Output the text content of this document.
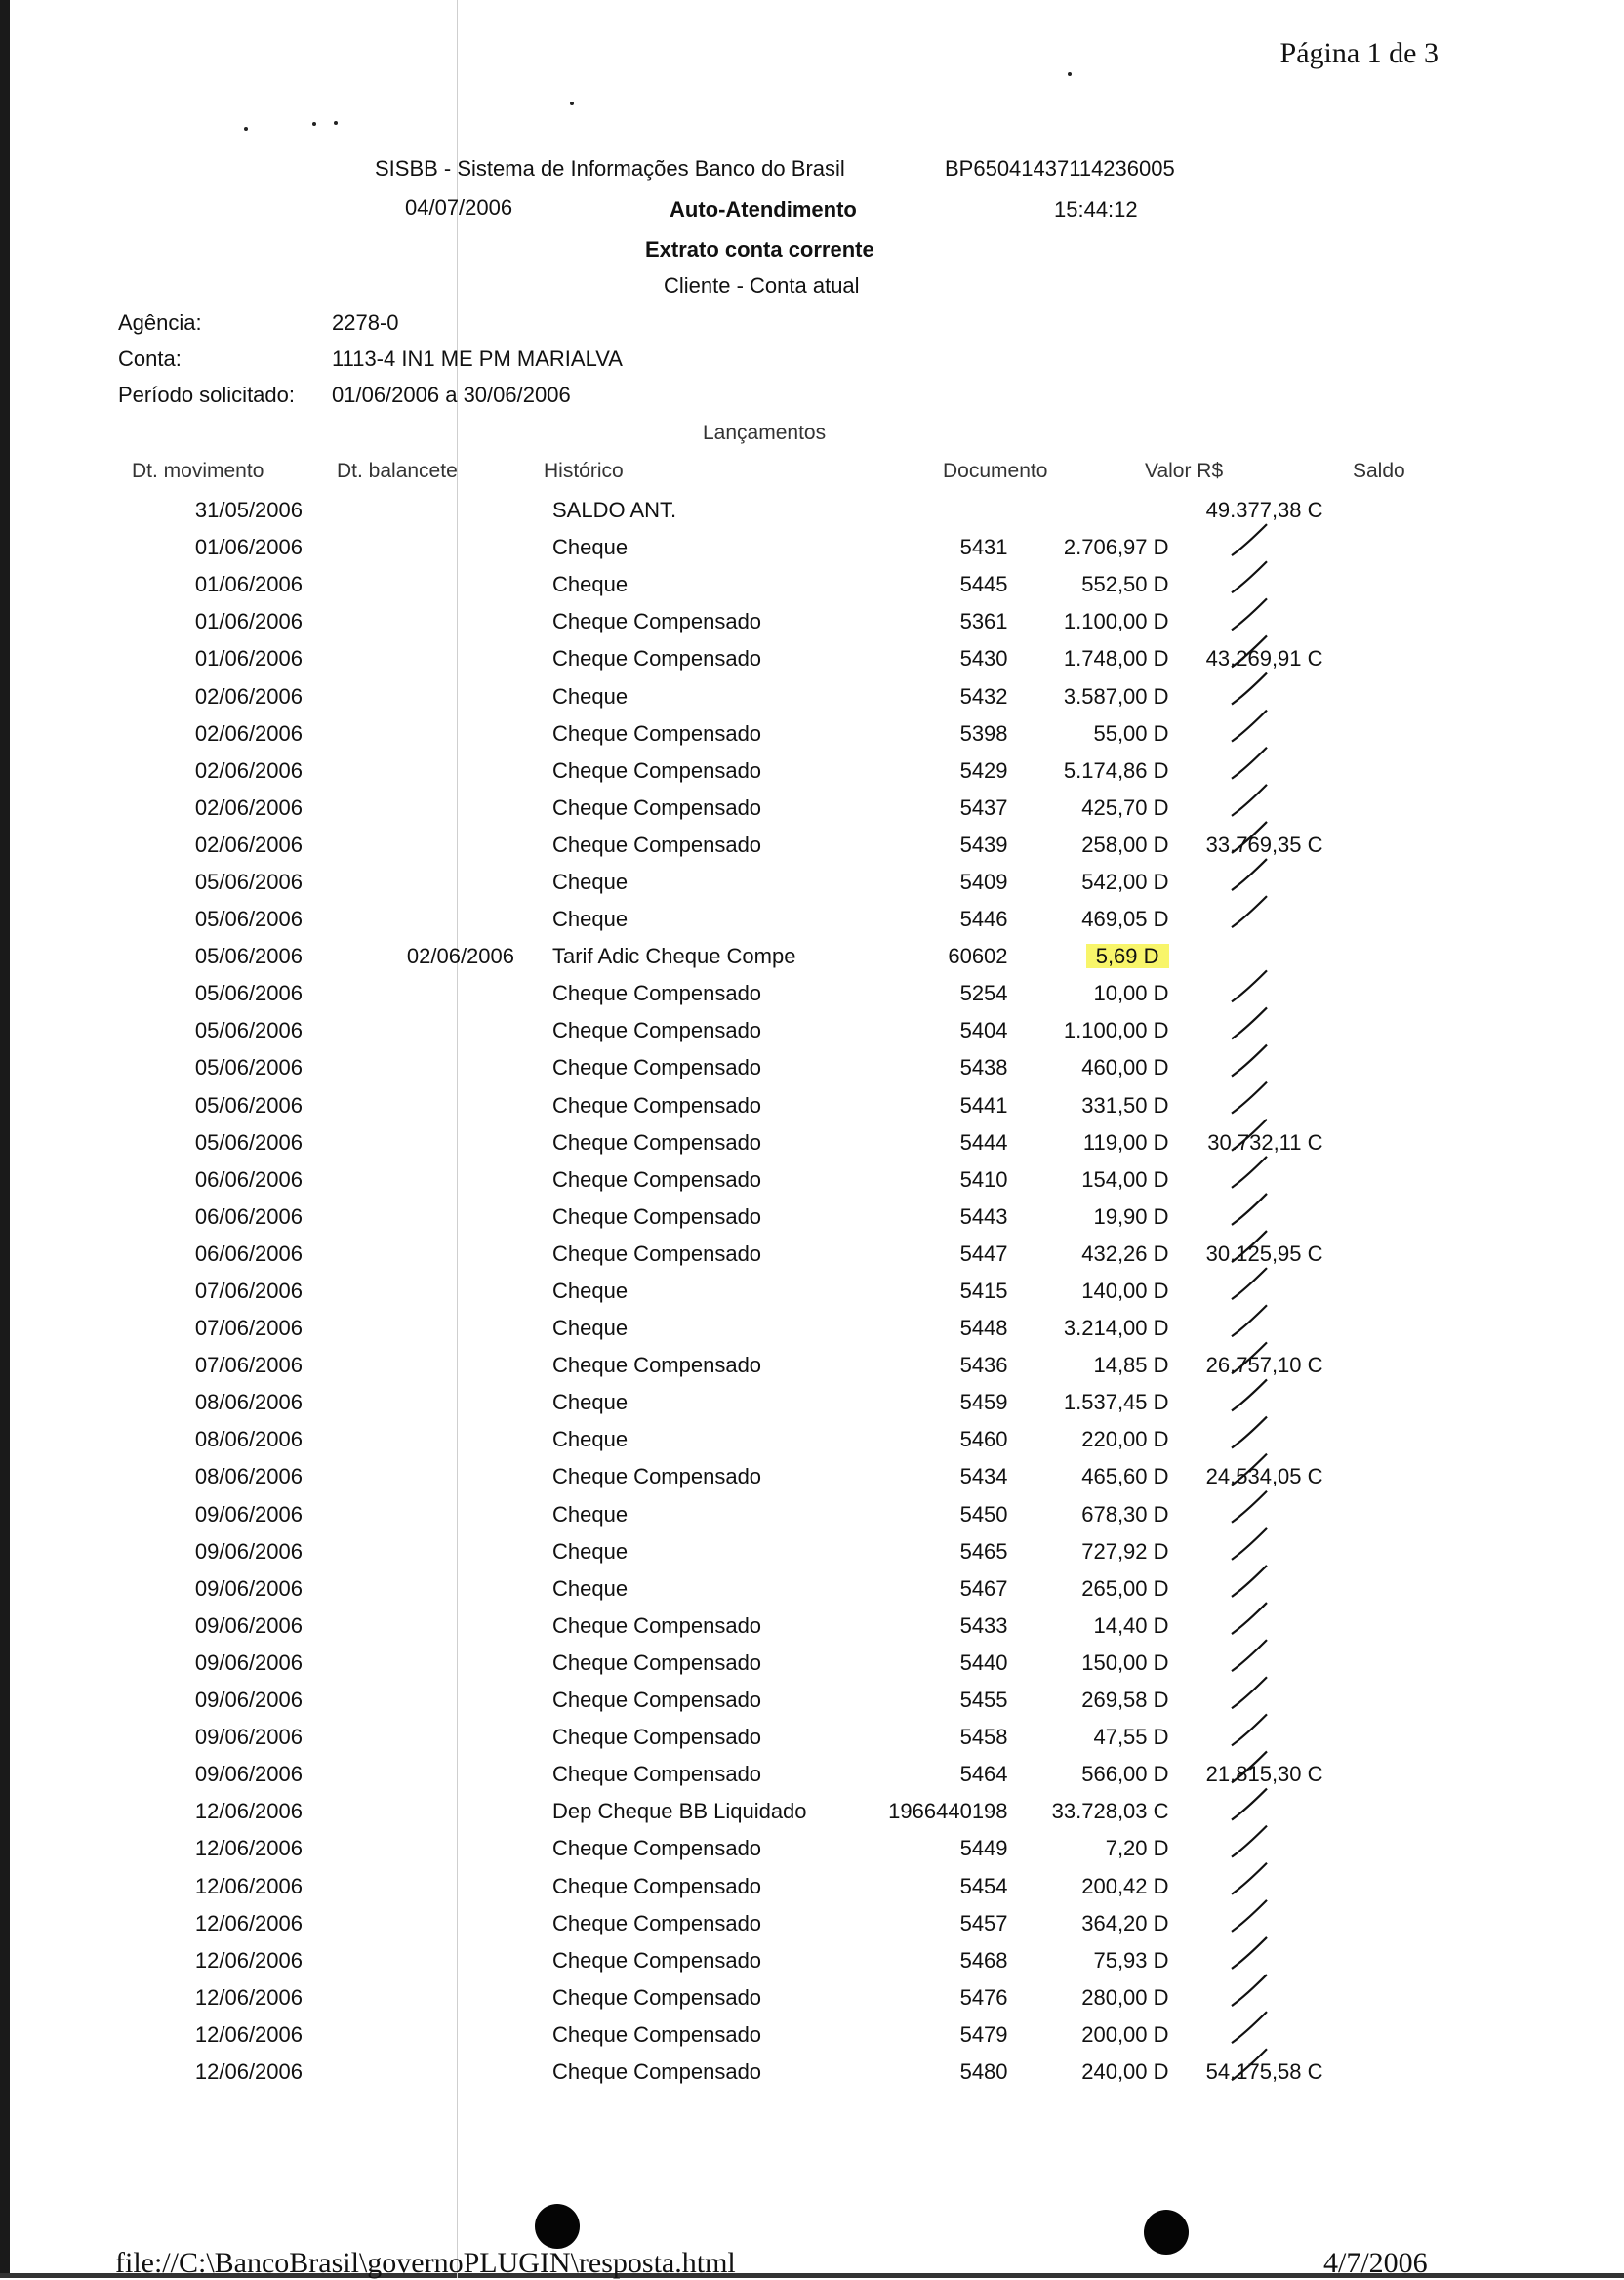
Página 1 de 3
SISBB - Sistema de Informações Banco do Brasil	BP65041437114236005
04/07/2006	Auto-Atendimento	15:44:12
Extrato conta corrente
Cliente - Conta atual
Agência:	2278-0
Conta:	1113-4 IN1 ME PM MARIALVA
Período solicitado: 01/06/2006 a 30/06/2006
Lançamentos
Dt. movimento	Dt. balancete	Histórico	Documento	Valor R$	Saldo
31/05/2006		SALDO ANT.			49.377,38 C
01/06/2006		Cheque	5431	2.706,97 D	
01/06/2006		Cheque	5445	552,50 D	
01/06/2006		Cheque Compensado	5361	1.100,00 D	
01/06/2006		Cheque Compensado	5430	1.748,00 D	43.269,91 C
02/06/2006		Cheque	5432	3.587,00 D	
02/06/2006		Cheque Compensado	5398	55,00 D	
02/06/2006		Cheque Compensado	5429	5.174,86 D	
02/06/2006		Cheque Compensado	5437	425,70 D	
02/06/2006		Cheque Compensado	5439	258,00 D	33.769,35 C
05/06/2006		Cheque	5409	542,00 D	
05/06/2006		Cheque	5446	469,05 D	
05/06/2006	02/06/2006	Tarif Adic Cheque Compe	60602	5,69 D	
05/06/2006		Cheque Compensado	5254	10,00 D	
05/06/2006		Cheque Compensado	5404	1.100,00 D	
05/06/2006		Cheque Compensado	5438	460,00 D	
05/06/2006		Cheque Compensado	5441	331,50 D	
05/06/2006		Cheque Compensado	5444	119,00 D	30.732,11 C
06/06/2006		Cheque Compensado	5410	154,00 D	
06/06/2006		Cheque Compensado	5443	19,90 D	
06/06/2006		Cheque Compensado	5447	432,26 D	30.125,95 C
07/06/2006		Cheque	5415	140,00 D	
07/06/2006		Cheque	5448	3.214,00 D	
07/06/2006		Cheque Compensado	5436	14,85 D	26.757,10 C
08/06/2006		Cheque	5459	1.537,45 D	
08/06/2006		Cheque	5460	220,00 D	
08/06/2006		Cheque Compensado	5434	465,60 D	24.534,05 C
09/06/2006		Cheque	5450	678,30 D	
09/06/2006		Cheque	5465	727,92 D	
09/06/2006		Cheque	5467	265,00 D	
09/06/2006		Cheque Compensado	5433	14,40 D	
09/06/2006		Cheque Compensado	5440	150,00 D	
09/06/2006		Cheque Compensado	5455	269,58 D	
09/06/2006		Cheque Compensado	5458	47,55 D	
09/06/2006		Cheque Compensado	5464	566,00 D	21.815,30 C
12/06/2006		Dep Cheque BB Liquidado	1966440198	33.728,03 C	
12/06/2006		Cheque Compensado	5449	7,20 D	
12/06/2006		Cheque Compensado	5454	200,42 D	
12/06/2006		Cheque Compensado	5457	364,20 D	
12/06/2006		Cheque Compensado	5468	75,93 D	
12/06/2006		Cheque Compensado	5476	280,00 D	
12/06/2006		Cheque Compensado	5479	200,00 D	
12/06/2006		Cheque Compensado	5480	240,00 D	54.175,58 C
file://C:\BancoBrasil\governoPLUGIN\resposta.html	4/7/2006
